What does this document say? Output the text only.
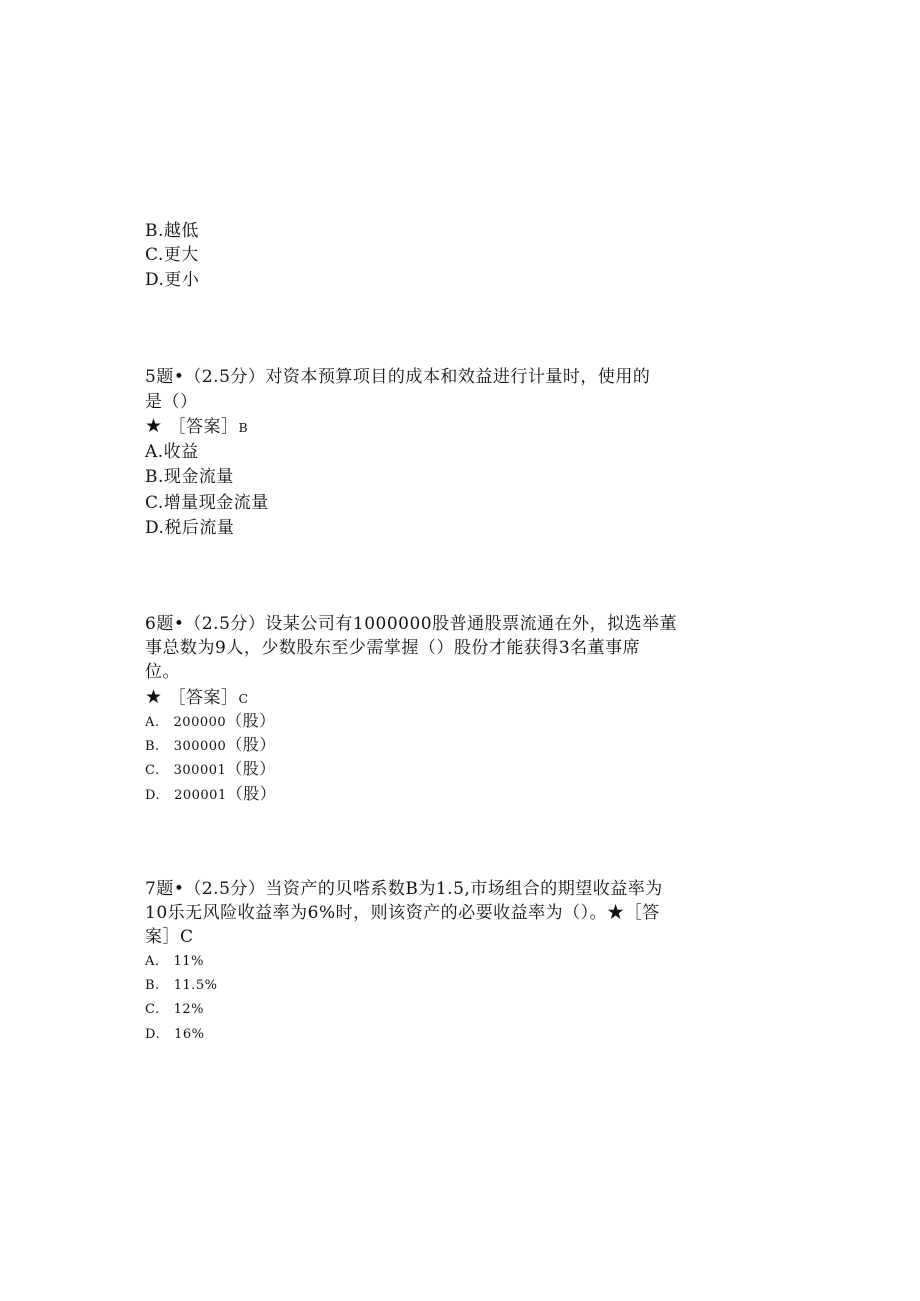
B.越低
C.更大
D.更小
5题•（2.5分）对资本预算项目的成本和效益进行计量时，使用的
是（）
★ ［答案］B
A.收益
B.现金流量
C.增量现金流量
D.税后流量
6题•（2.5分）设某公司有1000000股普通股票流通在外，拟选举董
事总数为9人，少数股东至少需掌握（）股份才能获得3名董事席
位。
★ ［答案］C
A. 200000（股）
B. 300000（股）
C. 300001（股）
D. 200001（股）
7题•（2.5分）当资产的贝嗒系数B为1.5,市场组合的期望收益率为
10乐无风险收益率为6%时，则该资产的必要收益率为（）。★［答
案］C
A. 11%
B. 11.5%
C. 12%
D. 16%
